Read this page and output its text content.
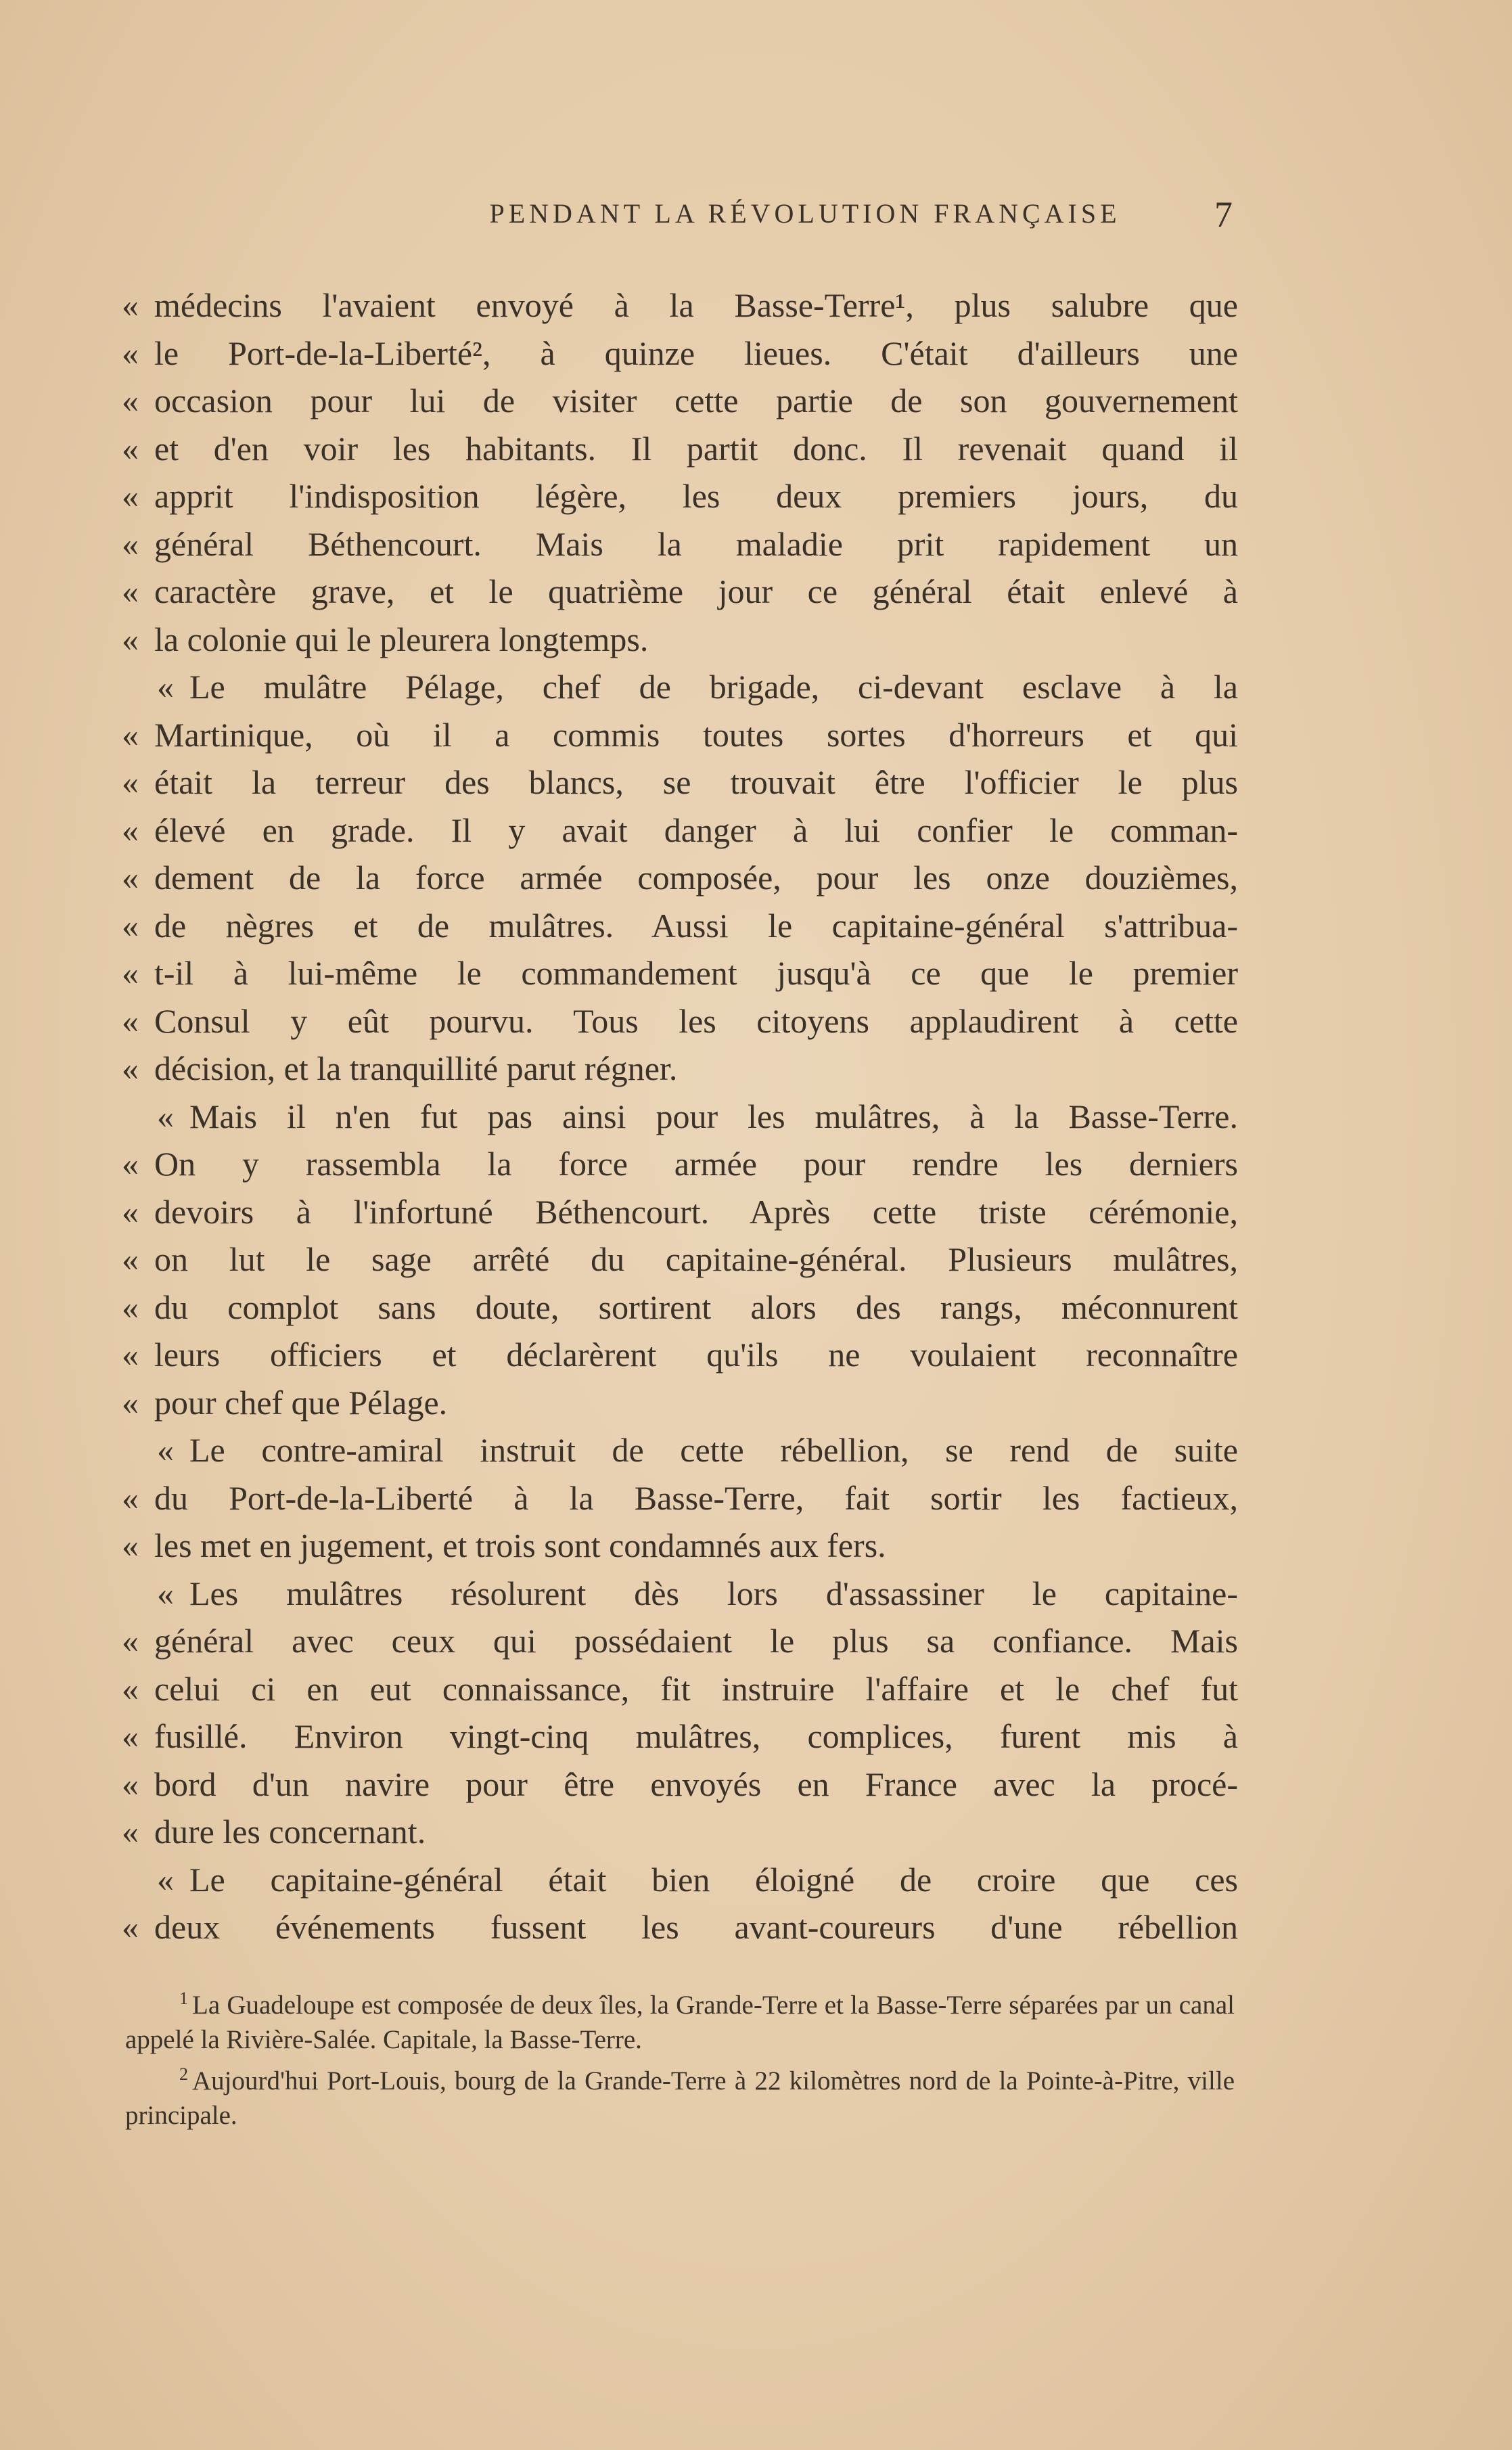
PENDANT LA RÉVOLUTION FRANÇAISE	7
« médecins l'avaient envoyé à la Basse-Terre¹, plus salubre que
« le Port-de-la-Liberté², à quinze lieues. C'était d'ailleurs une
« occasion pour lui de visiter cette partie de son gouvernement
« et d'en voir les habitants. Il partit donc. Il revenait quand il
« apprit l'indisposition légère, les deux premiers jours, du
« général Béthencourt. Mais la maladie prit rapidement un
« caractère grave, et le quatrième jour ce général était enlevé à
« la colonie qui le pleurera longtemps.
« Le mulâtre Pélage, chef de brigade, ci-devant esclave à la
« Martinique, où il a commis toutes sortes d'horreurs et qui
« était la terreur des blancs, se trouvait être l'officier le plus
« élevé en grade. Il y avait danger à lui confier le comman-
« dement de la force armée composée, pour les onze douzièmes,
« de nègres et de mulâtres. Aussi le capitaine-général s'attribua-
« t-il à lui-même le commandement jusqu'à ce que le premier
« Consul y eût pourvu. Tous les citoyens applaudirent à cette
« décision, et la tranquillité parut régner.
« Mais il n'en fut pas ainsi pour les mulâtres, à la Basse-Terre.
« On y rassembla la force armée pour rendre les derniers
« devoirs à l'infortuné Béthencourt. Après cette triste cérémonie,
« on lut le sage arrêté du capitaine-général. Plusieurs mulâtres,
« du complot sans doute, sortirent alors des rangs, méconnurent
« leurs officiers et déclarèrent qu'ils ne voulaient reconnaître
« pour chef que Pélage.
« Le contre-amiral instruit de cette rébellion, se rend de suite
« du Port-de-la-Liberté à la Basse-Terre, fait sortir les factieux,
« les met en jugement, et trois sont condamnés aux fers.
« Les mulâtres résolurent dès lors d'assassiner le capitaine-
« général avec ceux qui possédaient le plus sa confiance. Mais
« celui ci en eut connaissance, fit instruire l'affaire et le chef fut
« fusillé. Environ vingt-cinq mulâtres, complices, furent mis à
« bord d'un navire pour être envoyés en France avec la procé-
« dure les concernant.
« Le capitaine-général était bien éloigné de croire que ces
« deux événements fussent les avant-coureurs d'une rébellion
$^1$ La Guadeloupe est composée de deux îles, la Grande-Terre et la Basse-Terre séparées par un canal appelé la Rivière-Salée. Capitale, la Basse-Terre.
$^2$ Aujourd'hui Port-Louis, bourg de la Grande-Terre à 22 kilomètres nord de la Pointe-à-Pitre, ville principale.
